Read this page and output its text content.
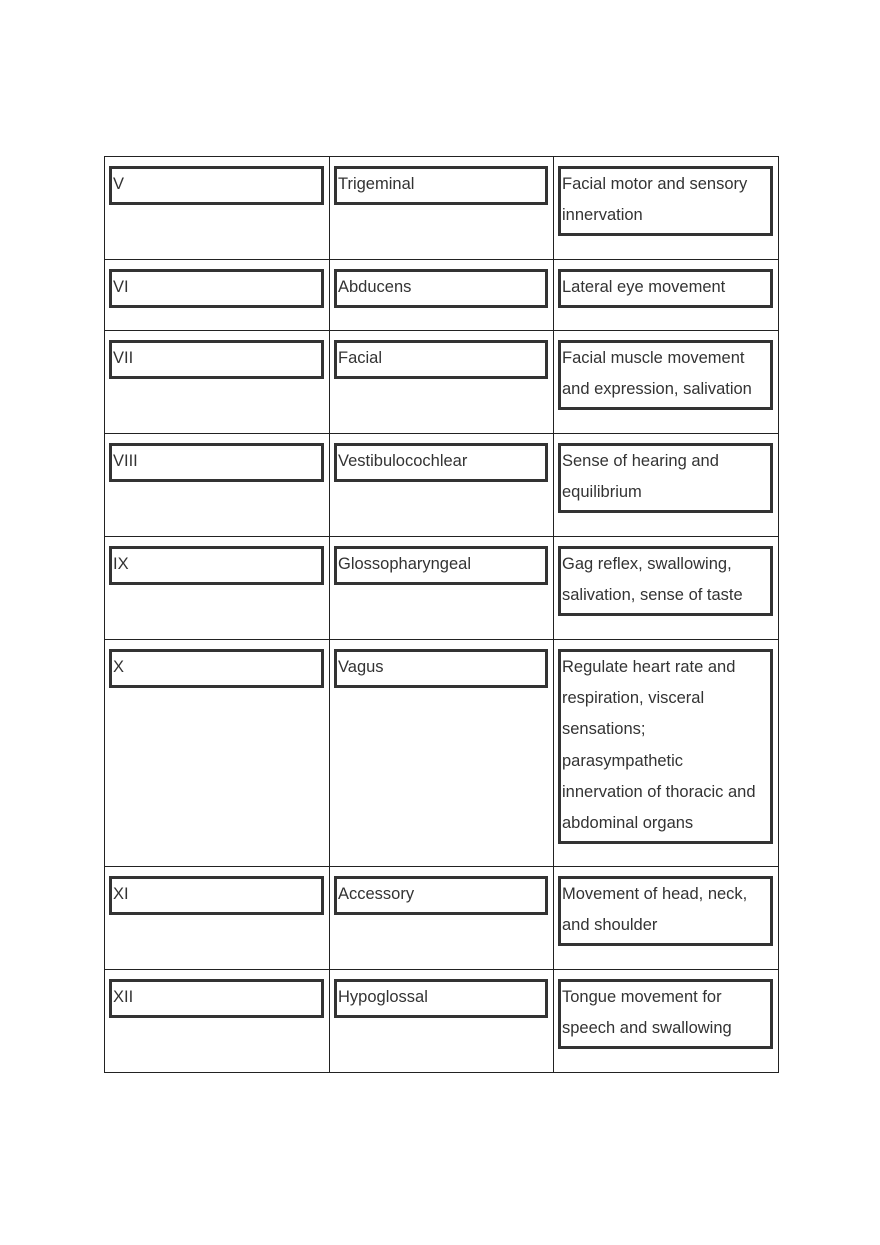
V	Trigeminal	Facial motor and sensory innervation

VI	Abducens	Lateral eye movement

VII	Facial	Facial muscle movement and expression, salivation

VIII	Vestibulocochlear	Sense of hearing and equilibrium

IX	Glossopharyngeal	Gag reflex, swallowing, salivation, sense of taste

X	Vagus	Regulate heart rate and respiration, visceral sensations; parasympathetic innervation of thoracic and abdominal organs

XI	Accessory	Movement of head, neck, and shoulder

XII	Hypoglossal	Tongue movement for speech and swallowing
